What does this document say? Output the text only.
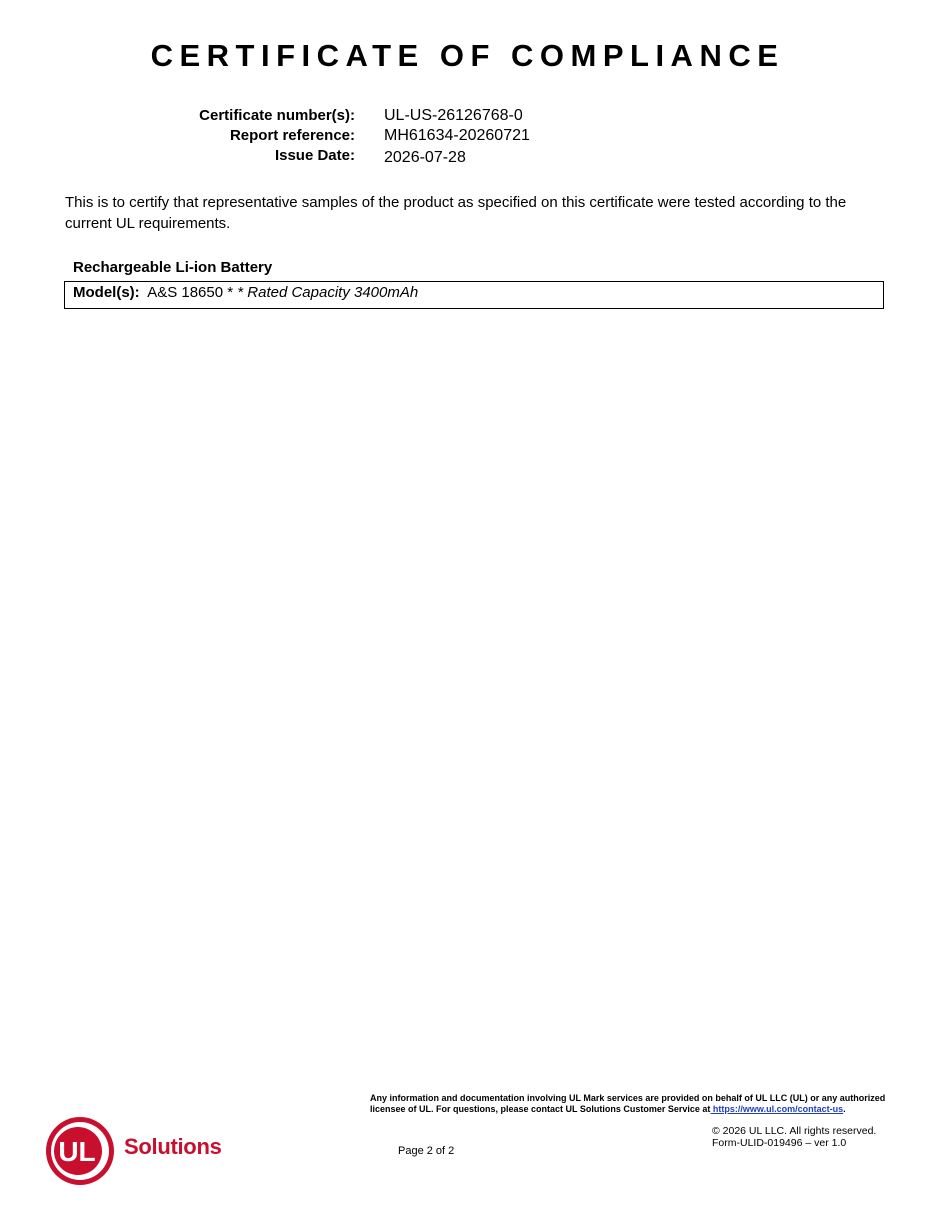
CERTIFICATE OF COMPLIANCE
Certificate number(s):
Report reference:
Issue Date:
UL-US-26126768-0
MH61634-20260721
2026-07-28

This is to certify that representative samples of the product as specified on this certificate were tested according to the current UL requirements.

Rechargeable Li-ion Battery
Model(s): A&S 18650 * * Rated Capacity 3400mAh

Any information and documentation involving UL Mark services are provided on behalf of UL LLC (UL) or any authorized licensee of UL. For questions, please contact UL Solutions Customer Service at https://www.ul.com/contact-us.

© 2026 UL LLC. All rights reserved.
Form-ULID-019496 – ver 1.0
Page 2 of 2
UL Solutions
